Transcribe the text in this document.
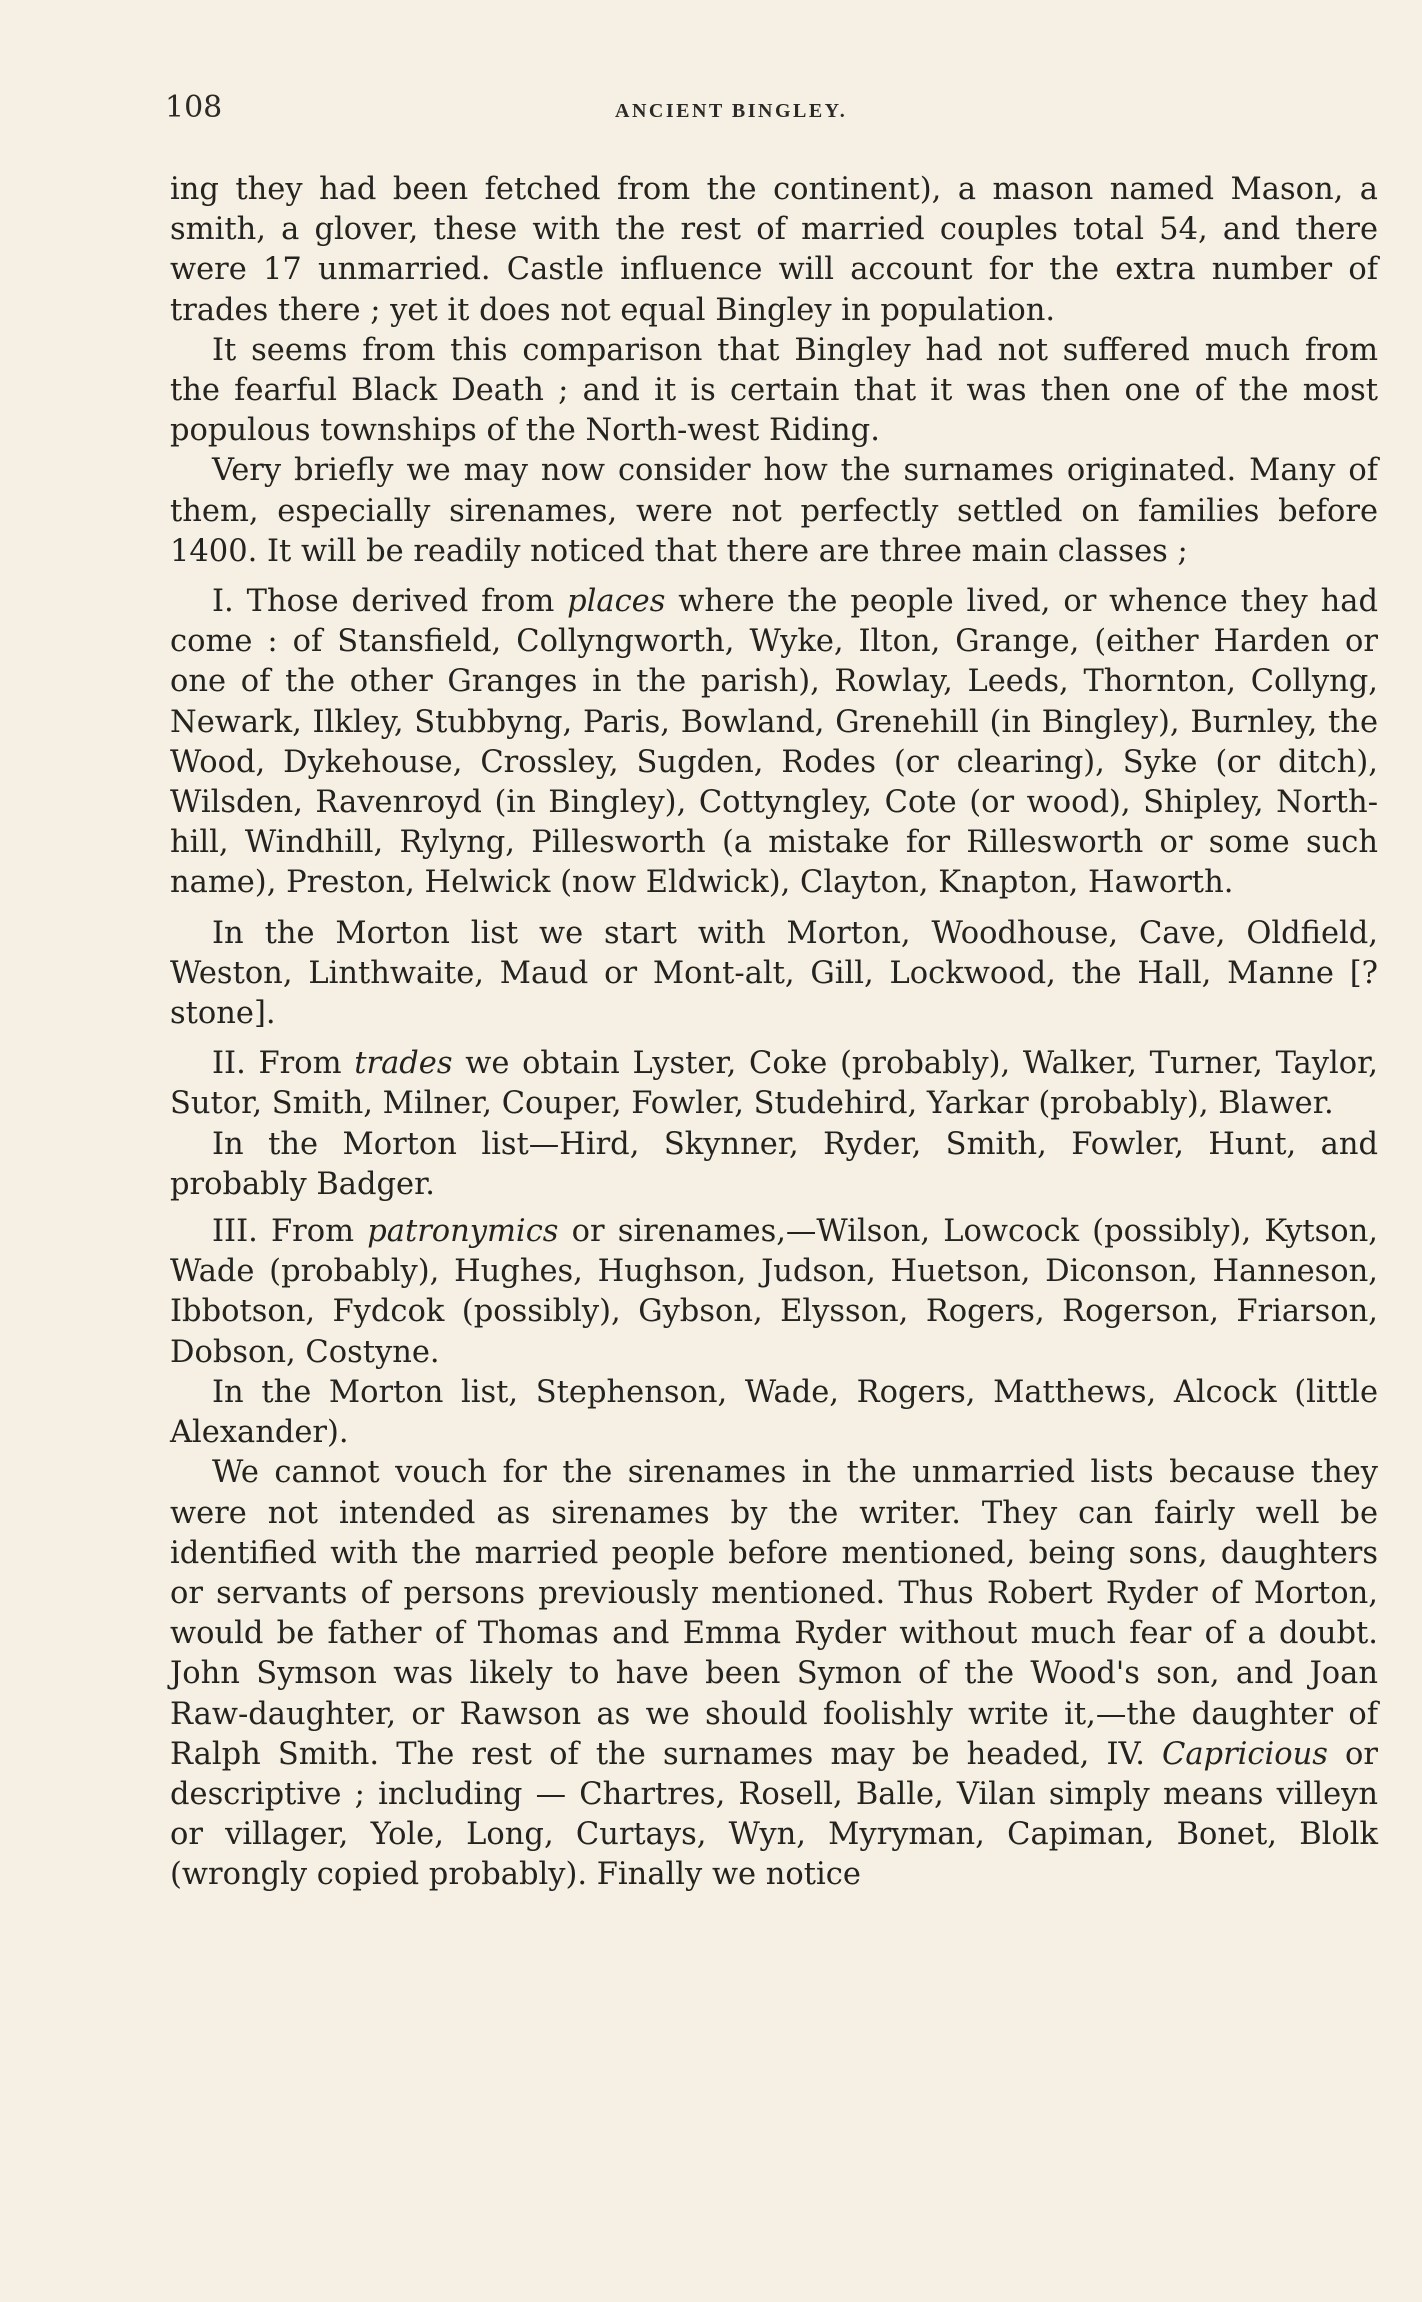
108	ANCIENT BINGLEY.

ing they had been fetched from the continent), a mason named Mason, a smith, a glover, these with the rest of married couples total 54, and there were 17 unmarried. Castle influence will account for the extra number of trades there ; yet it does not equal Bingley in population.

It seems from this comparison that Bingley had not suffered much from the fearful Black Death ; and it is certain that it was then one of the most populous townships of the North-west Riding.

Very briefly we may now consider how the surnames originated. Many of them, especially sirenames, were not perfectly settled on families before 1400. It will be readily noticed that there are three main classes ;

I. Those derived from places where the people lived, or whence they had come : of Stansfield, Collyngworth, Wyke, Ilton, Grange, (either Harden or one of the other Granges in the parish), Rowlay, Leeds, Thornton, Collyng, Newark, Ilkley, Stubbyng, Paris, Bowland, Grenehill (in Bingley), Burnley, the Wood, Dykehouse, Crossley, Sugden, Rodes (or clearing), Syke (or ditch), Wilsden, Ravenroyd (in Bingley), Cottyngley, Cote (or wood), Shipley, North-hill, Windhill, Rylyng, Pillesworth (a mistake for Rillesworth or some such name), Preston, Helwick (now Eldwick), Clayton, Knapton, Haworth.

In the Morton list we start with Morton, Woodhouse, Cave, Oldfield, Weston, Linthwaite, Maud or Mont-alt, Gill, Lockwood, the Hall, Manne [? stone].

II. From trades we obtain Lyster, Coke (probably), Walker, Turner, Taylor, Sutor, Smith, Milner, Couper, Fowler, Studehird, Yarkar (probably), Blawer.

In the Morton list—Hird, Skynner, Ryder, Smith, Fowler, Hunt, and probably Badger.

III. From patronymics or sirenames,—Wilson, Lowcock (possibly), Kytson, Wade (probably), Hughes, Hughson, Judson, Huetson, Diconson, Hanneson, Ibbotson, Fydcok (possibly), Gybson, Elysson, Rogers, Rogerson, Friarson, Dobson, Costyne.

In the Morton list, Stephenson, Wade, Rogers, Matthews, Alcock (little Alexander).

We cannot vouch for the sirenames in the unmarried lists because they were not intended as sirenames by the writer. They can fairly well be identified with the married people before mentioned, being sons, daughters or servants of persons previously mentioned. Thus Robert Ryder of Morton, would be father of Thomas and Emma Ryder without much fear of a doubt. John Symson was likely to have been Symon of the Wood's son, and Joan Raw-daughter, or Rawson as we should foolishly write it,—the daughter of Ralph Smith. The rest of the surnames may be headed, IV. Capricious or descriptive ; including — Chartres, Rosell, Balle, Vilan simply means villeyn or villager, Yole, Long, Curtays, Wyn, Myryman, Capiman, Bonet, Blolk (wrongly copied probably). Finally we notice
